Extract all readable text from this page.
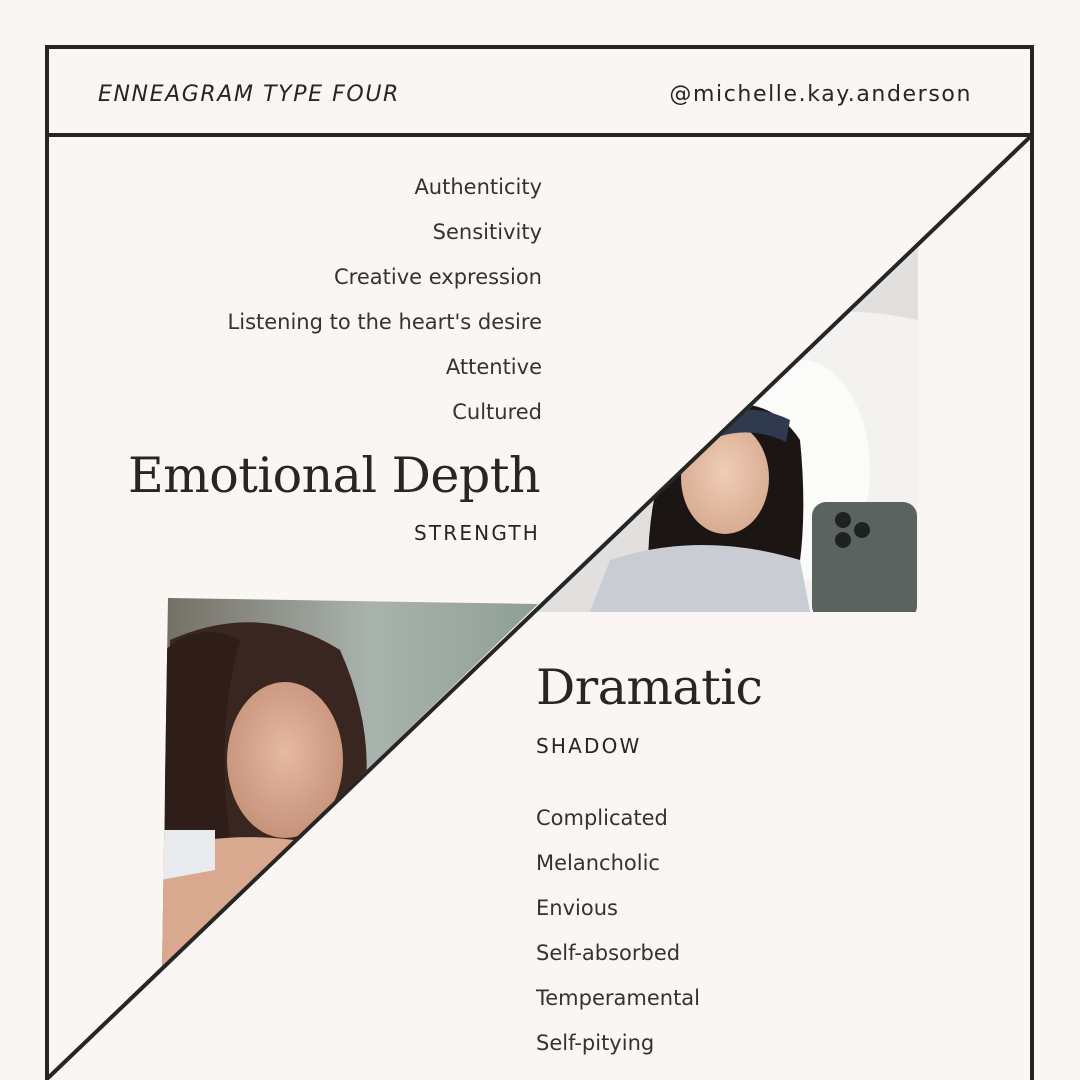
ENNEAGRAM TYPE FOUR	@michelle.kay.anderson
Authenticity
Sensitivity
Creative expression
Listening to the heart's desire
Attentive
Cultured
Emotional Depth
STRENGTH
Dramatic
SHADOW
Complicated
Melancholic
Envious
Self-absorbed
Temperamental
Self-pitying
